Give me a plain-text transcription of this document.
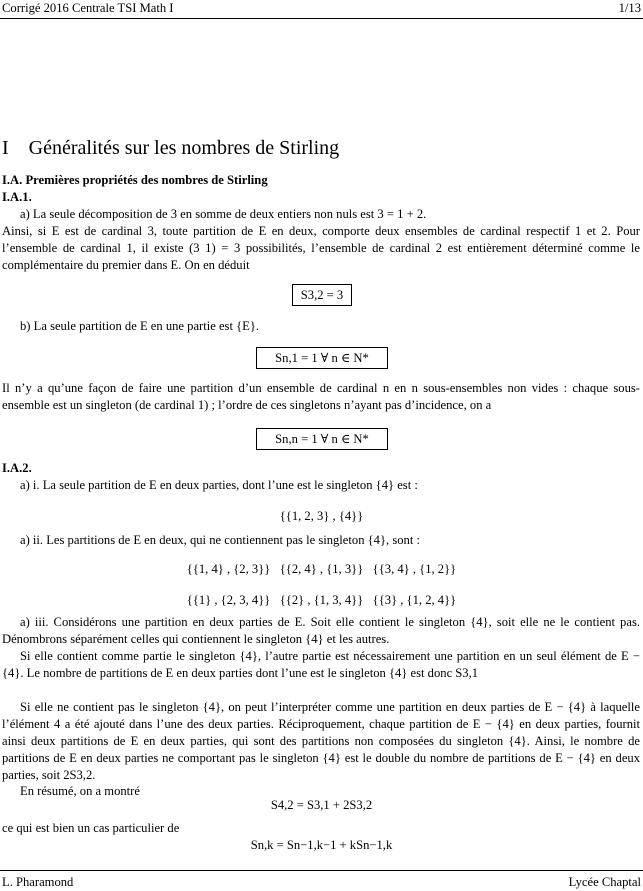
Corrigé 2016 Centrale TSI Math I	1/13
I    Généralités sur les nombres de Stirling
I.A. Premières propriétés des nombres de Stirling
I.A.1.
a) La seule décomposition de 3 en somme de deux entiers non nuls est 3 = 1 + 2.
Ainsi, si E est de cardinal 3, toute partition de E en deux, comporte deux ensembles de cardinal respectif 1 et 2. Pour l’ensemble de cardinal 1, il existe (3 1) = 3 possibilités, l’ensemble de cardinal 2 est entièrement déterminé comme le complémentaire du premier dans E. On en déduit
S3,2 = 3
b) La seule partition de E en une partie est {E}.
Sn,1 = 1 ∀ n ∈ N*
Il n’y a qu’une façon de faire une partition d’un ensemble de cardinal n en n sous-ensembles non vides : chaque sous-ensemble est un singleton (de cardinal 1) ; l’ordre de ces singletons n’ayant pas d’incidence, on a
Sn,n = 1 ∀ n ∈ N*
I.A.2.
a) i. La seule partition de E en deux parties, dont l’une est le singleton {4} est :
{{1, 2, 3} , {4}}
a) ii. Les partitions de E en deux, qui ne contiennent pas le singleton {4}, sont :
{{1, 4} , {2, 3}}   {{2, 4} , {1, 3}}   {{3, 4} , {1, 2}}
{{1} , {2, 3, 4}}   {{2} , {1, 3, 4}}   {{3} , {1, 2, 4}}
a) iii. Considérons une partition en deux parties de E. Soit elle contient le singleton {4}, soit elle ne le contient pas. Dénombrons séparément celles qui contiennent le singleton {4} et les autres.
Si elle contient comme partie le singleton {4}, l’autre partie est nécessairement une partition en un seul élément de E − {4}. Le nombre de partitions de E en deux parties dont l’une est le singleton {4} est donc S3,1
Si elle ne contient pas le singleton {4}, on peut l’interpréter comme une partition en deux parties de E − {4} à laquelle l’élément 4 a été ajouté dans l’une des deux parties. Réciproquement, chaque partition de E − {4} en deux parties, fournit ainsi deux partitions de E en deux parties, qui sont des partitions non composées du singleton {4}. Ainsi, le nombre de partitions de E en deux parties ne comportant pas le singleton {4} est le double du nombre de partitions de E − {4} en deux parties, soit 2S3,2.
En résumé, on a montré
S4,2 = S3,1 + 2S3,2
ce qui est bien un cas particulier de
Sn,k = Sn−1,k−1 + kSn−1,k
L. Pharamond	Lycée Chaptal
